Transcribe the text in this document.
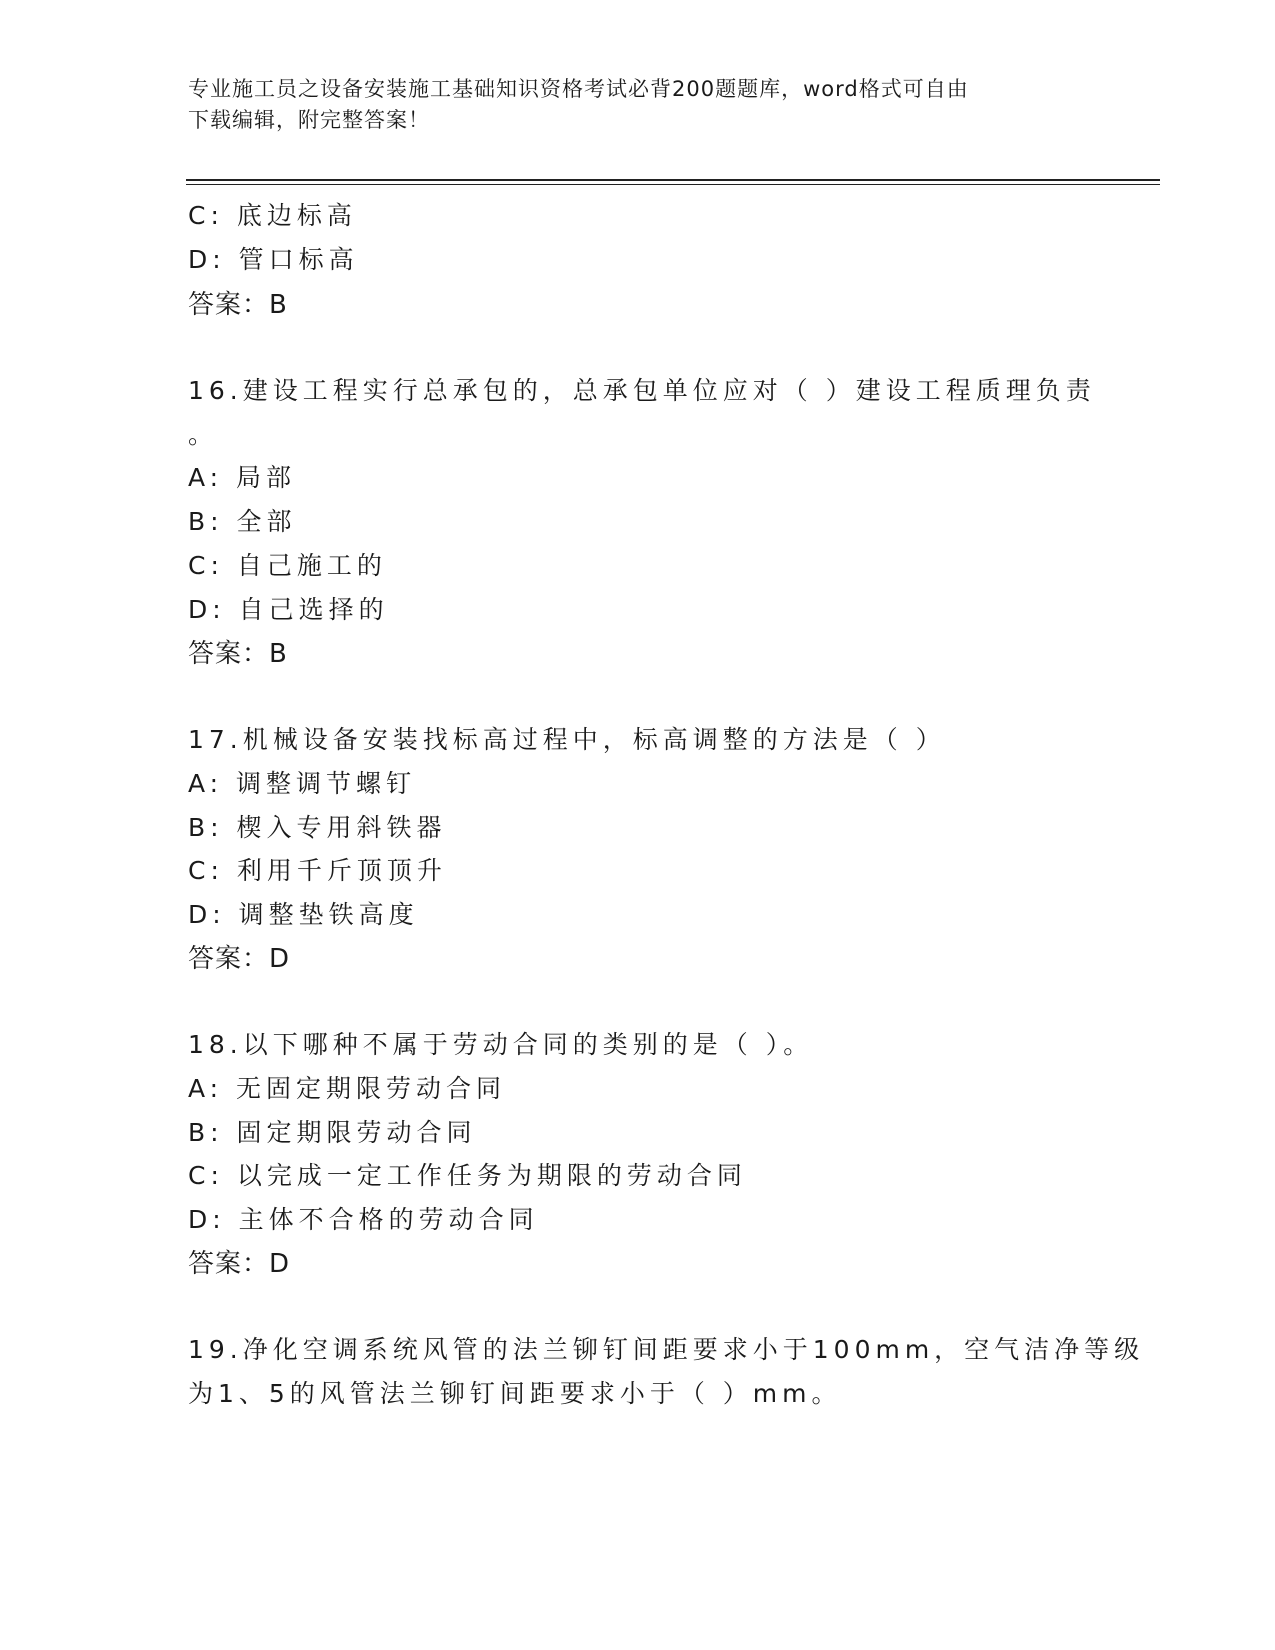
专业施工员之设备安装施工基础知识资格考试必背200题题库，word格式可自由
下载编辑，附完整答案！
C: 底边标高
D: 管口标高
答案：B
16.建设工程实行总承包的，总承包单位应对（ ）建设工程质理负责
。
A: 局部
B: 全部
C: 自己施工的
D: 自己选择的
答案：B
17.机械设备安装找标高过程中，标高调整的方法是（ ）
A: 调整调节螺钉
B: 楔入专用斜铁器
C: 利用千斤顶顶升
D: 调整垫铁高度
答案：D
18.以下哪种不属于劳动合同的类别的是（ ）。
A: 无固定期限劳动合同
B: 固定期限劳动合同
C: 以完成一定工作任务为期限的劳动合同
D: 主体不合格的劳动合同
答案：D
19.净化空调系统风管的法兰铆钉间距要求小于100mm，空气洁净等级
为1、5的风管法兰铆钉间距要求小于（ ）mm。
